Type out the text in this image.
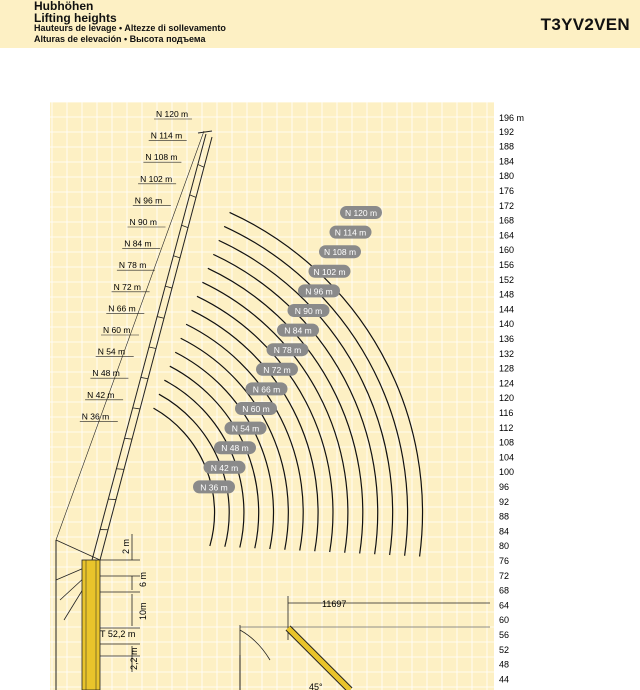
Hubhöhen
Lifting heights
Hauteurs de levage • Altezze di sollevamento
Alturas de elevación • Высота подъема
T3YV2VEN
196 m
192
188
184
180
176
172
168
164
160
156
152
148
144
140
136
132
128
124
120
116
112
108
104
100
96
92
88
84
80
76
72
68
64
60
56
52
48
44
N 120 m
N 114 m
N 108 m
N 102 m
N 96 m
N 90 m
N 84 m
N 78 m
N 72 m
N 66 m
N 60 m
N 54 m
N 48 m
N 42 m
N 36 m
N 120 m
N 114 m
N 108 m
N 102 m
N 96 m
N 90 m
N 84 m
N 78 m
N 72 m
N 66 m
N 60 m
N 54 m
N 48 m
N 42 m
N 36 m
2 m
6 m
10m
T 52,2 m
2,2 m
11697
45°
